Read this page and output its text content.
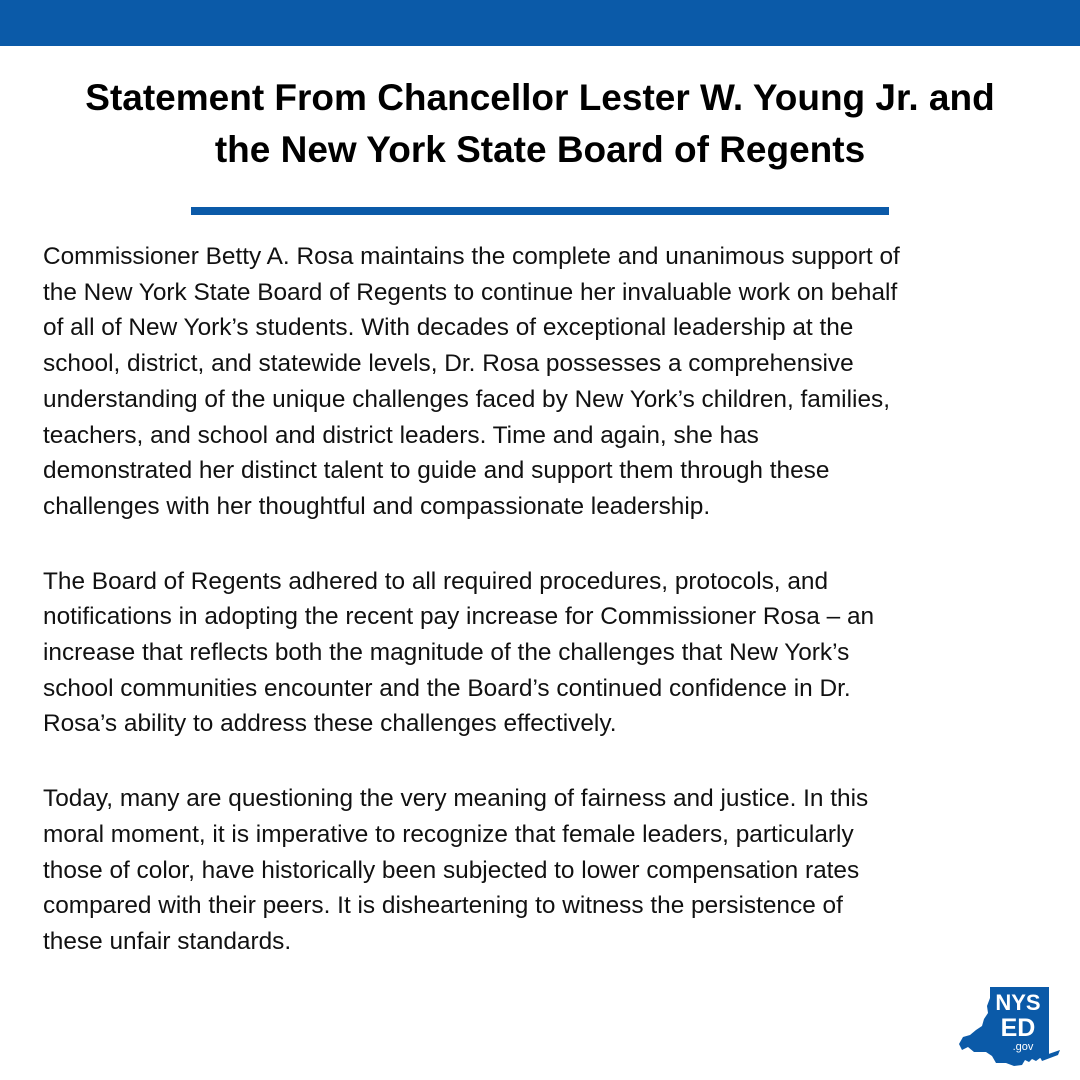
Statement From Chancellor Lester W. Young Jr. and
the New York State Board of Regents

Commissioner Betty A. Rosa maintains the complete and unanimous support of
the New York State Board of Regents to continue her invaluable work on behalf
of all of New York’s students. With decades of exceptional leadership at the
school, district, and statewide levels, Dr. Rosa possesses a comprehensive
understanding of the unique challenges faced by New York’s children, families,
teachers, and school and district leaders. Time and again, she has
demonstrated her distinct talent to guide and support them through these
challenges with her thoughtful and compassionate leadership.

The Board of Regents adhered to all required procedures, protocols, and
notifications in adopting the recent pay increase for Commissioner Rosa – an
increase that reflects both the magnitude of the challenges that New York’s
school communities encounter and the Board’s continued confidence in Dr.
Rosa’s ability to address these challenges effectively.

Today, many are questioning the very meaning of fairness and justice. In this
moral moment, it is imperative to recognize that female leaders, particularly
those of color, have historically been subjected to lower compensation rates
compared with their peers. It is disheartening to witness the persistence of
these unfair standards.

NYS
ED
.gov
